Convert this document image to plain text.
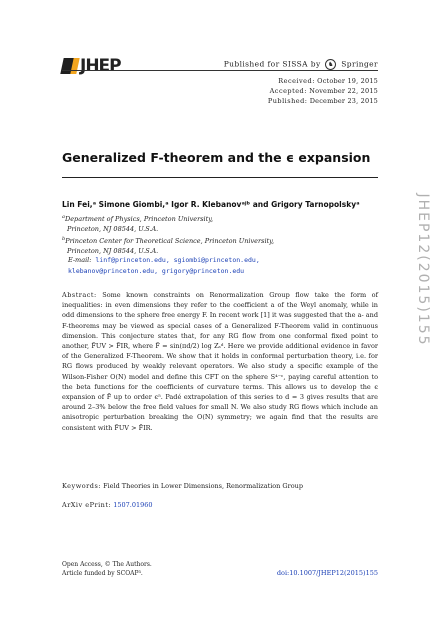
JHEP	Published for SISSA by ♞ Springer
Received: October 19, 2015
Accepted: November 22, 2015
Published: December 23, 2015
Generalized F-theorem and the ϵ expansion
Lin Fei,ᵃ Simone Giombi,ᵃ Igor R. Klebanovᵃʲᵇ and Grigory Tarnopolskyᵃ
$^a$Department of Physics, Princeton University,
Princeton, NJ 08544, U.S.A.
$^b$Princeton Center for Theoretical Science, Princeton University,
Princeton, NJ 08544, U.S.A.
E-mail: linf@princeton.edu, sgiombi@princeton.edu,
klebanov@princeton.edu, grigory@princeton.edu
Abstract: Some known constraints on Renormalization Group flow take the form of inequalities: in even dimensions they refer to the coefficient a of the Weyl anomaly, while in odd dimensions to the sphere free energy F. In recent work [1] it was suggested that the a- and F-theorems may be viewed as special cases of a Generalized F-Theorem valid in continuous dimension. This conjecture states that, for any RG flow from one conformal fixed point to another, F̃UV > F̃IR, where F̃ = sin(πd/2) log Zₛᵈ. Here we provide additional evidence in favor of the Generalized F-Theorem. We show that it holds in conformal perturbation theory, i.e. for RG flows produced by weakly relevant operators. We also study a specific example of the Wilson-Fisher O(N) model and define this CFT on the sphere S⁴⁻ᵋ, paying careful attention to the beta functions for the coefficients of curvature terms. This allows us to develop the ϵ expansion of F̃ up to order ϵ⁵. Padé extrapolation of this series to d = 3 gives results that are around 2–3% below the free field values for small N. We also study RG flows which include an anisotropic perturbation breaking the O(N) symmetry; we again find that the results are consistent with F̃UV > F̃IR.
Keywords: Field Theories in Lower Dimensions, Renormalization Group
ArXiv ePrint: 1507.01960
Open Access, © The Authors.
Article funded by SCOAP³.	doi:10.1007/JHEP12(2015)155
JHEP12(2015)155
